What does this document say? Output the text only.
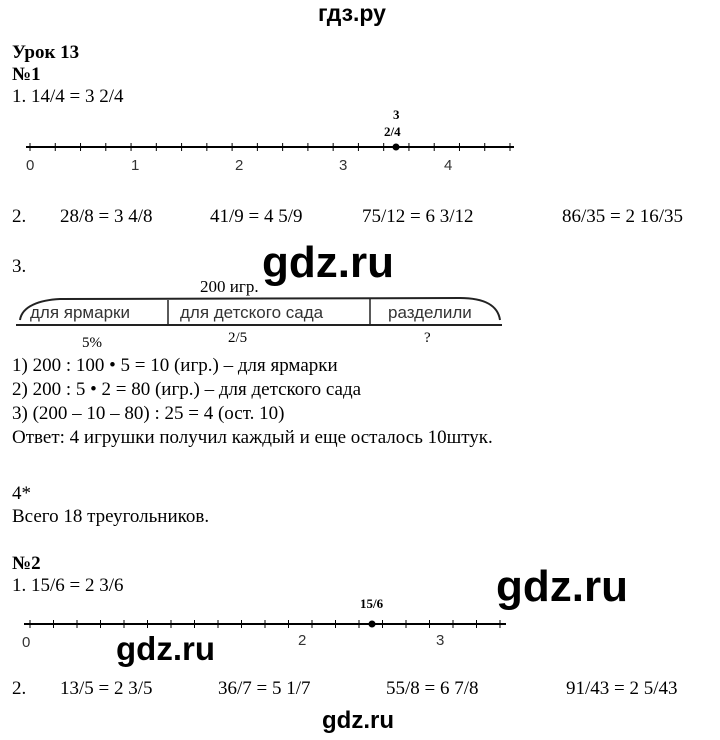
гдз.ру
Урок 13
№1
1. 14/4 = 3 2/4
3
2/4
0	1	2	3	4
2. 28/8 = 3 4/8	41/9 = 4 5/9	75/12 = 6 3/12	86/35 = 2 16/35
3.
200 игр.
для ярмарки	для детского сада	разделили
5%	2/5	?
1) 200 : 100 • 5 = 10 (игр.) – для ярмарки
2) 200 : 5 • 2 = 80 (игр.) – для детского сада
3) (200 – 10 – 80) : 25 = 4 (ост. 10)
Ответ: 4 игрушки получил каждый и еще осталось 10штук.
4*
Всего 18 треугольников.
№2
1. 15/6 = 2 3/6
15/6
0	2	3
2. 13/5 = 2 3/5	36/7 = 5 1/7	55/8 = 6 7/8	91/43 = 2 5/43
gdz.ru
gdz.ru
gdz.ru
gdz.ru
